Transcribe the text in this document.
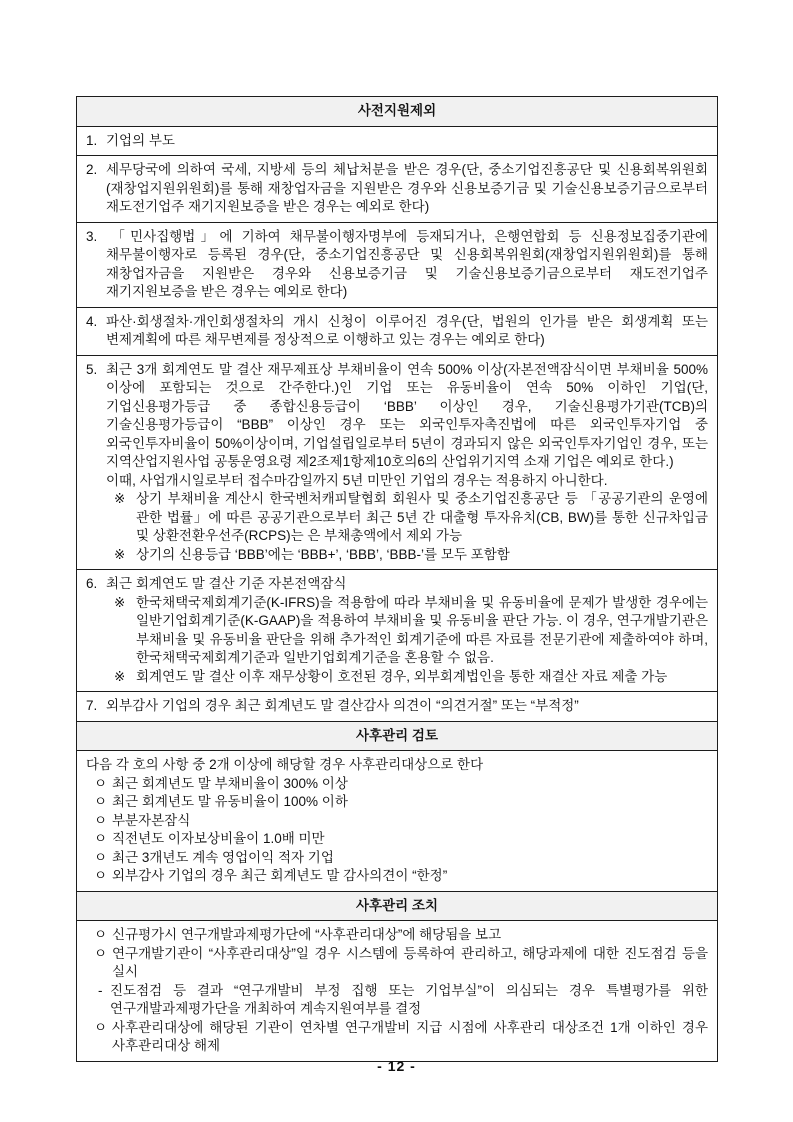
사전지원제외

1. 기업의 부도

2. 세무당국에 의하여 국세, 지방세 등의 체납처분을 받은 경우(단, 중소기업진흥공단 및 신용회복위원회(재창업지원위원회)를 통해 재창업자금을 지원받은 경우와 신용보증기금 및 기술신용보증기금으로부터 재도전기업주 재기지원보증을 받은 경우는 예외로 한다)

3. 「민사집행법」에 기하여 채무불이행자명부에 등재되거나, 은행연합회 등 신용정보집중기관에 채무불이행자로 등록된 경우(단, 중소기업진흥공단 및 신용회복위원회(재창업지원위원회)를 통해 재창업자금을 지원받은 경우와 신용보증기금 및 기술신용보증기금으로부터 재도전기업주 재기지원보증을 받은 경우는 예외로 한다)

4. 파산·회생절차·개인회생절차의 개시 신청이 이루어진 경우(단, 법원의 인가를 받은 회생계획 또는 변제계획에 따른 채무변제를 정상적으로 이행하고 있는 경우는 예외로 한다)

5. 최근 3개 회계연도 말 결산 재무제표상 부채비율이 연속 500% 이상(자본전액잠식이면 부채비율 500% 이상에 포함되는 것으로 간주한다.)인 기업 또는 유동비율이 연속 50% 이하인 기업(단, 기업신용평가등급 중 종합신용등급이 ‘BBB’ 이상인 경우, 기술신용평가기관(TCB)의 기술신용평가등급이 “BBB” 이상인 경우 또는 외국인투자촉진법에 따른 외국인투자기업 중 외국인투자비율이 50%이상이며, 기업설립일로부터 5년이 경과되지 않은 외국인투자기업인 경우, 또는 지역산업지원사업 공통운영요령 제2조제1항제10호의6의 산업위기지역 소재 기업은 예외로 한다.)

이때, 사업개시일로부터 접수마감일까지 5년 미만인 기업의 경우는 적용하지 아니한다.

※ 상기 부채비율 계산시 한국벤처캐피탈협회 회원사 및 중소기업진흥공단 등 「공공기관의 운영에 관한 법률」에 따른 공공기관으로부터 최근 5년 간 대출형 투자유치(CB, BW)를 통한 신규차입금 및 상환전환우선주(RCPS)는 은 부채총액에서 제외 가능

※ 상기의 신용등급 ‘BBB’에는 ‘BBB+’, ‘BBB’, ‘BBB-’를 모두 포함함

6. 최근 회계연도 말 결산 기준 자본전액잠식

※ 한국채택국제회계기준(K-IFRS)을 적용함에 따라 부채비율 및 유동비율에 문제가 발생한 경우에는 일반기업회계기준(K-GAAP)을 적용하여 부채비율 및 유동비율 판단 가능. 이 경우, 연구개발기관은 부채비율 및 유동비율 판단을 위해 추가적인 회계기준에 따른 자료를 전문기관에 제출하여야 하며, 한국채택국제회계기준과 일반기업회계기준을 혼용할 수 없음.

※ 회계연도 말 결산 이후 재무상황이 호전된 경우, 외부회계법인을 통한 재결산 자료 제출 가능

7. 외부감사 기업의 경우 최근 회계년도 말 결산감사 의견이 “의견거절” 또는 “부적정”

사후관리 검토

다음 각 호의 사항 중 2개 이상에 해당할 경우 사후관리대상으로 한다

ㅇ 최근 회계년도 말 부채비율이 300% 이상

ㅇ 최근 회계년도 말 유동비율이 100% 이하

ㅇ 부분자본잠식

ㅇ 직전년도 이자보상비율이 1.0배 미만

ㅇ 최근 3개년도 계속 영업이익 적자 기업

ㅇ 외부감사 기업의 경우 최근 회계년도 말 감사의견이 “한정”

사후관리 조치

ㅇ 신규평가시 연구개발과제평가단에 “사후관리대상”에 해당됨을 보고

ㅇ 연구개발기관이 “사후관리대상”일 경우 시스템에 등록하여 관리하고, 해당과제에 대한 진도점검 등을 실시

- 진도점검 등 결과 “연구개발비 부정 집행 또는 기업부실”이 의심되는 경우 특별평가를 위한 연구개발과제평가단을 개최하여 계속지원여부를 결정

ㅇ 사후관리대상에 해당된 기관이 연차별 연구개발비 지급 시점에 사후관리 대상조건 1개 이하인 경우 사후관리대상 해제

- 12 -
